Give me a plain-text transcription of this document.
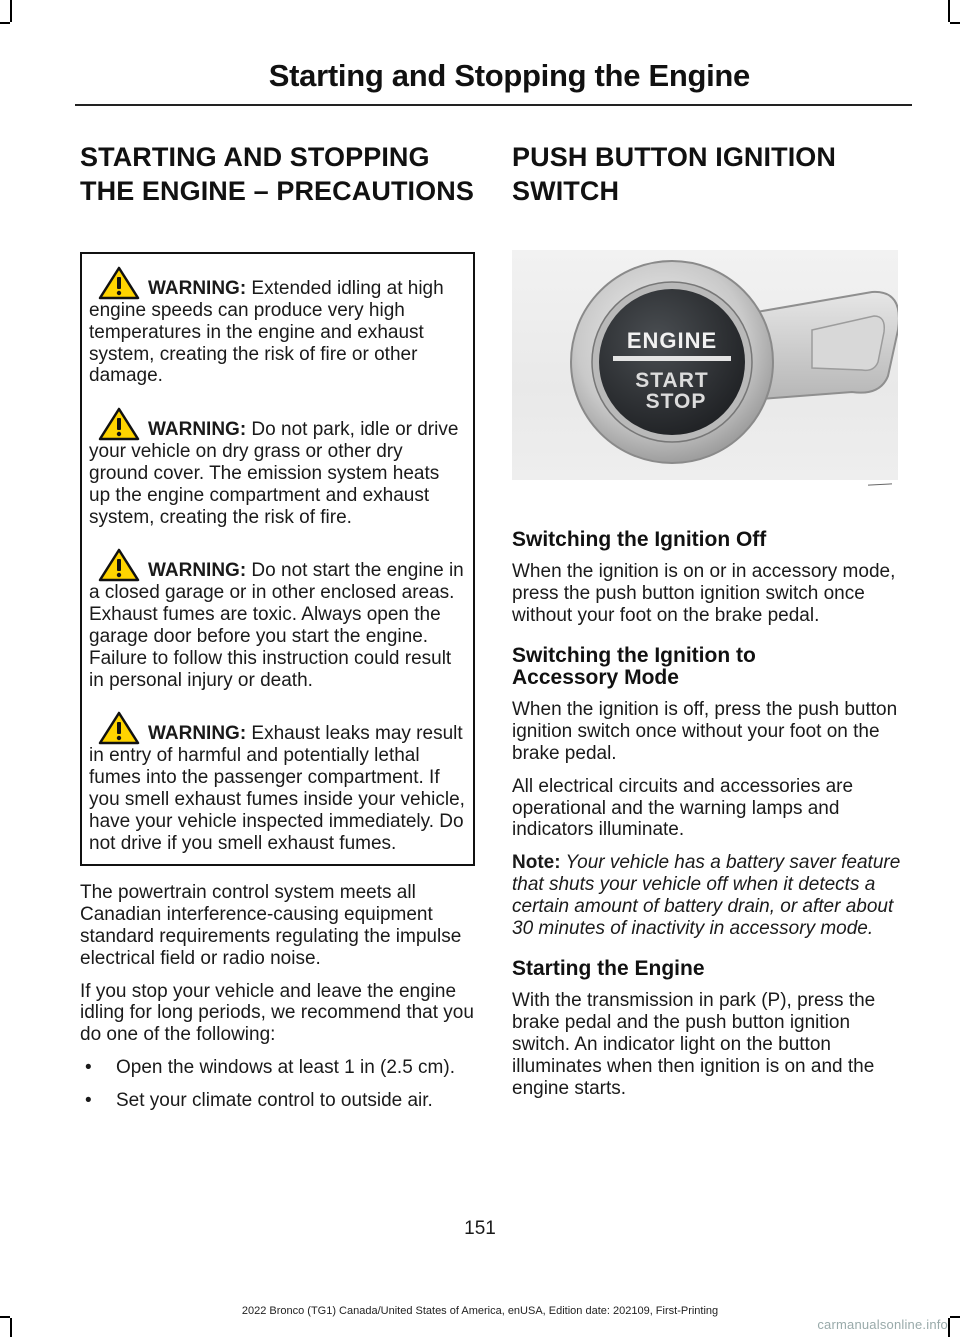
Starting and Stopping the Engine
STARTING AND STOPPING
THE ENGINE – PRECAUTIONS

WARNING: Extended idling at high engine speeds can produce very high temperatures in the engine and exhaust system, creating the risk of fire or other damage.

WARNING: Do not park, idle or drive your vehicle on dry grass or other dry ground cover. The emission system heats up the engine compartment and exhaust system, creating the risk of fire.

WARNING: Do not start the engine in a closed garage or in other enclosed areas. Exhaust fumes are toxic. Always open the garage door before you start the engine. Failure to follow this instruction could result in personal injury or death.

WARNING: Exhaust leaks may result in entry of harmful and potentially lethal fumes into the passenger compartment. If you smell exhaust fumes inside your vehicle, have your vehicle inspected immediately. Do not drive if you smell exhaust fumes.

The powertrain control system meets all Canadian interference-causing equipment standard requirements regulating the impulse electrical field or radio noise.

If you stop your vehicle and leave the engine idling for long periods, we recommend that you do one of the following:

• Open the windows at least 1 in (2.5 cm).
• Set your climate control to outside air.
PUSH BUTTON IGNITION
SWITCH
ENGINE
START
STOP
Switching the Ignition Off

When the ignition is on or in accessory mode, press the push button ignition switch once without your foot on the brake pedal.

Switching the Ignition to
Accessory Mode

When the ignition is off, press the push button ignition switch once without your foot on the brake pedal.

All electrical circuits and accessories are operational and the warning lamps and indicators illuminate.

Note: Your vehicle has a battery saver feature that shuts your vehicle off when it detects a certain amount of battery drain, or after about 30 minutes of inactivity in accessory mode.

Starting the Engine

With the transmission in park (P), press the brake pedal and the push button ignition switch. An indicator light on the button illuminates when then ignition is on and the engine starts.

151
2022 Bronco (TG1) Canada/United States of America, enUSA, Edition date: 202109, First-Printing
carmanualsonline.info
